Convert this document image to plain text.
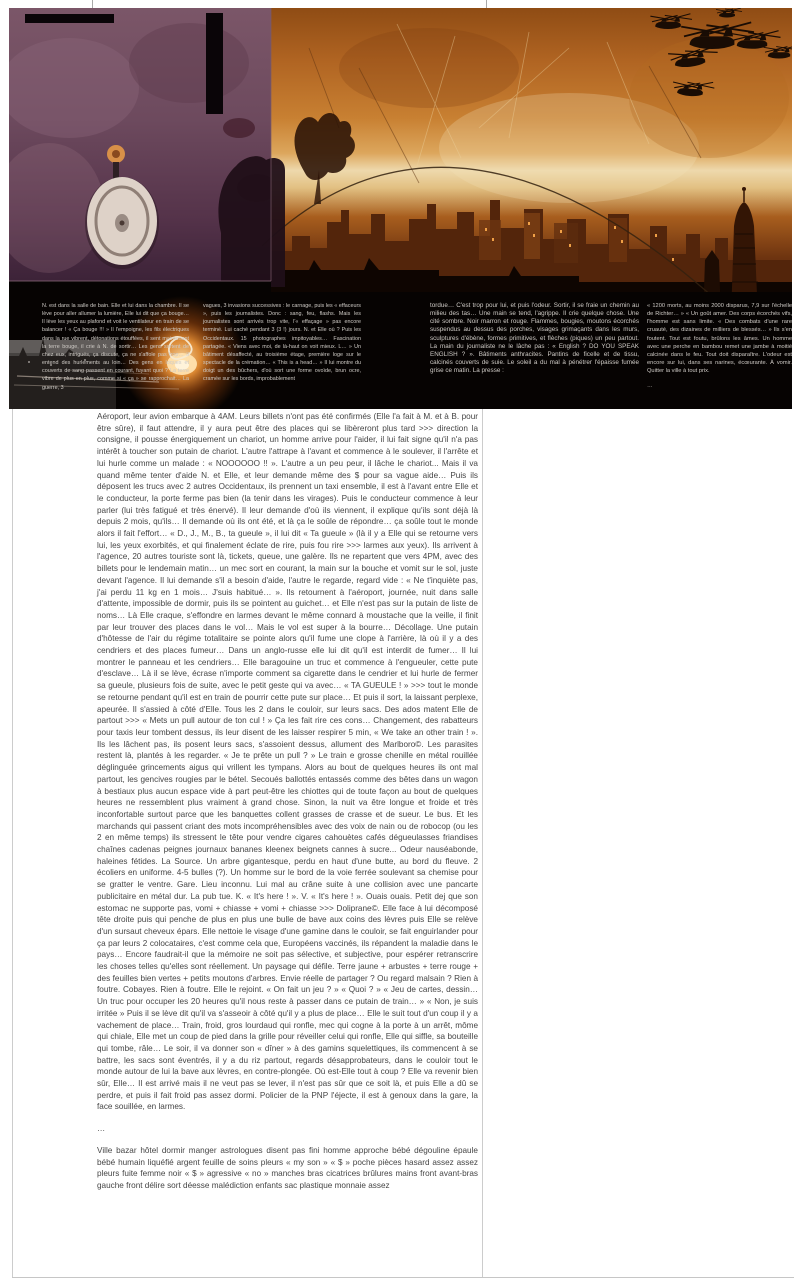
N. est dans la salle de bain. Elle et lui dans la chambre. Il se lève pour aller allumer la lumière, Elle lui dit que ça bouge… Il lève les yeux au plafond et voit le ventilateur en train de se balancer ! « Ça bouge !!! » Il l'empoigne, les fils électriques dans la rue vibrent, détonations étouffées, il sent maintenant la terre bouge, il crie à N. de sortir… Les gens sortent de chez eux, intrigués, ça discute, ça ne s'affole pas trop… Il entend des hurlements au loin… Des gens en loques et couverts de sang passent en courant, fuyant quoi ? La terre vibre de plus en plus, comme si « ça » se rapprochait… La guerre, 3

vagues, 3 invasions successives : le carnage, puis les « effaceurs », puis les journalistes. Donc : sang, feu, flashs. Mais les journalistes sont arrivés trop vite, l'« effaçage » pas encore terminé. Lui caché pendant 3 (3 !) jours. N. et Elle où ? Puis les Occidentaux. 15 photographes impitoyables… Fascination partagée. « Viens avec moi, de là-haut on voit mieux. L… » Un bâtiment désaffecté, au troisième étage, première loge sur le spectacle de la crémation… « This is a head… » Il lui montre du doigt un des bûchers, d'où sort une forme ovoïde, brun ocre, cramée sur les bords, improbablement

tordue… C'est trop pour lui, et puis l'odeur. Sortir, il se fraie un chemin au milieu des tas… Une main se tend, l'agrippe. Il crie quelque chose. Une cité sombre. Noir marron et rouge. Flammes, bougies, moutons écorchés suspendus au dessus des porches, visages grimaçants dans les murs, sculptures d'ébène, formes primitives, et flèches (piques) un peu partout. La main du journaliste ne le lâche pas : « English ? DO YOU SPEAK ENGLISH ? ». Bâtiments anthracites. Pantins de ficelle et de tissu, calcinés couverts de suie. Le soleil a du mal à pénétrer l'épaisse fumée grise ce matin. La presse :

« 1200 morts, au moins 2000 disparus, 7,9 sur l'échelle de Richter… » « Un goût amer. Des corps écorchés vifs, l'homme est sans limite. « Des combats d'une rare cruauté, des dizaines de milliers de blessés… » Ils s'en foutent. Tout est foutu, brûlons les âmes. Un homme avec une perche en bambou remet une jambe à moitié calcinée dans le feu. Tout doit disparaître. L'odeur est encore sur lui, dans ses narines, écœurante. À vomir. Quitter la ville à tout prix.

…

Aéroport, leur avion embarque à 4AM. Leurs billets n'ont pas été confirmés (Elle l'a fait à M. et à B. pour être sûre), il faut attendre, il y aura peut être des places qui se libèreront plus tard >>> direction la consigne, il pousse énergiquement un chariot, un homme arrive pour l'aider, il lui fait signe qu'il n'a pas intérêt à toucher son putain de chariot. L'autre l'attrape à l'avant et commence à le soulever, il l'arrête et lui hurle comme un malade : « NOOOOOO !! ». L'autre a un peu peur, il lâche le chariot... Mais il va quand même tenter d'aide N. et Elle, et leur demande même des $ pour sa vague aide… Puis ils déposent les trucs avec 2 autres Occidentaux, ils prennent un taxi ensemble, il est à l'avant entre Elle et le conducteur, la porte ferme pas bien (la tenir dans les virages). Puis le conducteur commence à leur parler (lui très fatigué et très énervé). Il leur demande d'où ils viennent, il explique qu'ils sont déjà là depuis 2 mois, qu'ils… Il demande où ils ont été, et là ça le soûle de répondre… ça soûle tout le monde alors il fait l'effort… « D., J., M., B., ta gueule », il lui dit « Ta gueule » (là il y a Elle qui se retourne vers lui, les yeux exorbités, et qui finalement éclate de rire, puis fou rire >>> larmes aux yeux). Ils arrivent à l'agence, 20 autres touriste sont là, tickets, queue, une galère. Ils ne repartent que vers 4PM, avec des billets pour le lendemain matin… un mec sort en courant, la main sur la bouche et vomit sur le sol, juste devant l'agence. Il lui demande s'il a besoin d'aide, l'autre le regarde, regard vide : « Ne t'inquiète pas, j'ai perdu 11 kg en 1 mois… J'suis habitué… ». Ils retournent à l'aéroport, journée, nuit dans salle d'attente, impossible de dormir, puis ils se pointent au guichet… et Elle n'est pas sur la putain de liste de noms… Là Elle craque, s'effondre en larmes devant le même connard à moustache que la veille, il finit par leur trouver des places dans le vol… Mais le vol est super à la bourre… Décollage. Une putain d'hôtesse de l'air du régime totalitaire se pointe alors qu'il fume une clope à l'arrière, là où il y a des cendriers et des places fumeur… Dans un anglo-russe elle lui dit qu'il est interdit de fumer… Il lui montrer le panneau et les cendriers… Elle baragouine un truc et commence à l'engueuler, cette pute d'esclave… Là il se lève, écrase n'importe comment sa cigarette dans le cendrier et lui hurle de fermer sa gueule, plusieurs fois de suite, avec le petit geste qui va avec… « TA GUEULE ! » >>> tout le monde se retourne pendant qu'il est en train de pourrir cette pute sur place… Et puis il sort, la laissant perplexe, apeurée. Il s'assied à côté d'Elle. Tous les 2 dans le couloir, sur leurs sacs. Des ados matent Elle de partout >>> « Mets un pull autour de ton cul ! » Ça les fait rire ces cons… Changement, des rabatteurs pour taxis leur tombent dessus, ils leur disent de les laisser respirer 5 min, « We take an other train ! ». Ils les lâchent pas, ils posent leurs sacs, s'assoient dessus, allument des Marlboro©. Les parasites restent là, plantés à les regarder. « Je te prête un pull ? » Le train e grosse chenille en métal rouillée déglinguée grincements aigus qui vrillent les tympans. Alors au bout de quelques heures ils ont mal partout, les gencives rougies par le bétel. Secoués ballottés entassés comme des bêtes dans un wagon à bestiaux plus aucun espace vide à part peut-être les chiottes qui de toute façon au bout de quelques heures ne ressemblent plus vraiment à grand chose. Sinon, la nuit va être longue et froide et très inconfortable surtout parce que les banquettes collent grasses de crasse et de sueur. Le bus. Et les marchands qui passent criant des mots incompréhensibles avec des voix de nain ou de robocop (ou les 2 en même temps) ils stressent le tête pour vendre cigares cahouètes cafés dégueulasses friandises chaînes cadenas peignes journaux bananes kleenex beignets cannes à sucre... Odeur nauséabonde, haleines fétides. La Source. Un arbre gigantesque, perdu en haut d'une butte, au bord du fleuve. 2 écoliers en uniforme. 4-5 bulles (?). Un homme sur le bord de la voie ferrée soulevant sa chemise pour se gratter le ventre. Gare. Lieu inconnu. Lui mal au crâne suite à une collision avec une pancarte publicitaire en métal dur. La pub tue. K. « It's here ! ». V. « It's here ! ». Ouais ouais. Petit dej que son estomac ne supporte pas, vomi + chiasse + vomi + chiasse >>> Doliprane©. Elle face à lui décomposé tête droite puis qui penche de plus en plus une bulle de bave aux coins des lèvres puis Elle se relève d'un sursaut cheveux épars. Elle nettoie le visage d'une gamine dans le couloir, se fait enguirlander pour ça par leurs 2 colocataires, c'est comme cela que, Européens vaccinés, ils répandent la maladie dans le pays… Encore faudrait-il que la mémoire ne soit pas sélective, et subjective, pour espérer retranscrire les choses telles qu'elles sont réellement. Un paysage qui défile. Terre jaune + arbustes + terre rouge + des feuilles bien vertes + petits moutons d'arbres. Envie réelle de partager ? Ou regard malsain ? Rien à foutre. Cobayes. Rien à foutre. Elle le rejoint. « On fait un jeu ? » « Quoi ? » « Jeu de cartes, dessin… Un truc pour occuper les 20 heures qu'il nous reste à passer dans ce putain de train… » « Non, je suis irritée » Puis il se lève dit qu'il va s'asseoir à côté qu'il y a plus de place… Elle le suit tout d'un coup il y a vachement de place… Train, froid, gros lourdaud qui ronfle, mec qui cogne à la porte à un arrêt, môme qui chiale, Elle met un coup de pied dans la grille pour réveiller celui qui ronfle, Elle qui siffle, sa bouteille qui tombe, râle… Le soir, il va donner son « dîner » à des gamins squelettiques, ils commencent à se battre, les sacs sont éventrés, il y a du riz partout, regards désapprobateurs, dans le couloir tout le monde autour de lui la bave aux lèvres, en contre-plongée. Où est-Elle tout à coup ? Elle va revenir bien sûr, Elle… Il est arrivé mais il ne veut pas se lever, il n'est pas sûr que ce soit là, et puis Elle a dû se perdre, et puis il fait froid pas assez dormi. Policier de la PNP l'éjecte, il est à genoux dans la gare, la face souillée, en larmes.

…

Ville bazar hôtel dormir manger astrologues disent pas fini homme approche bébé dégouline épaule bébé humain liquéfié argent feuille de soins pleurs « my son » « $ » poche pièces hasard assez assez pleurs fuite femme noir « $ » agressive « no » manches bras cicatrices brûlures mains front avant-bras gauche front délire sort déesse malédiction enfants sac plastique monnaie assez
